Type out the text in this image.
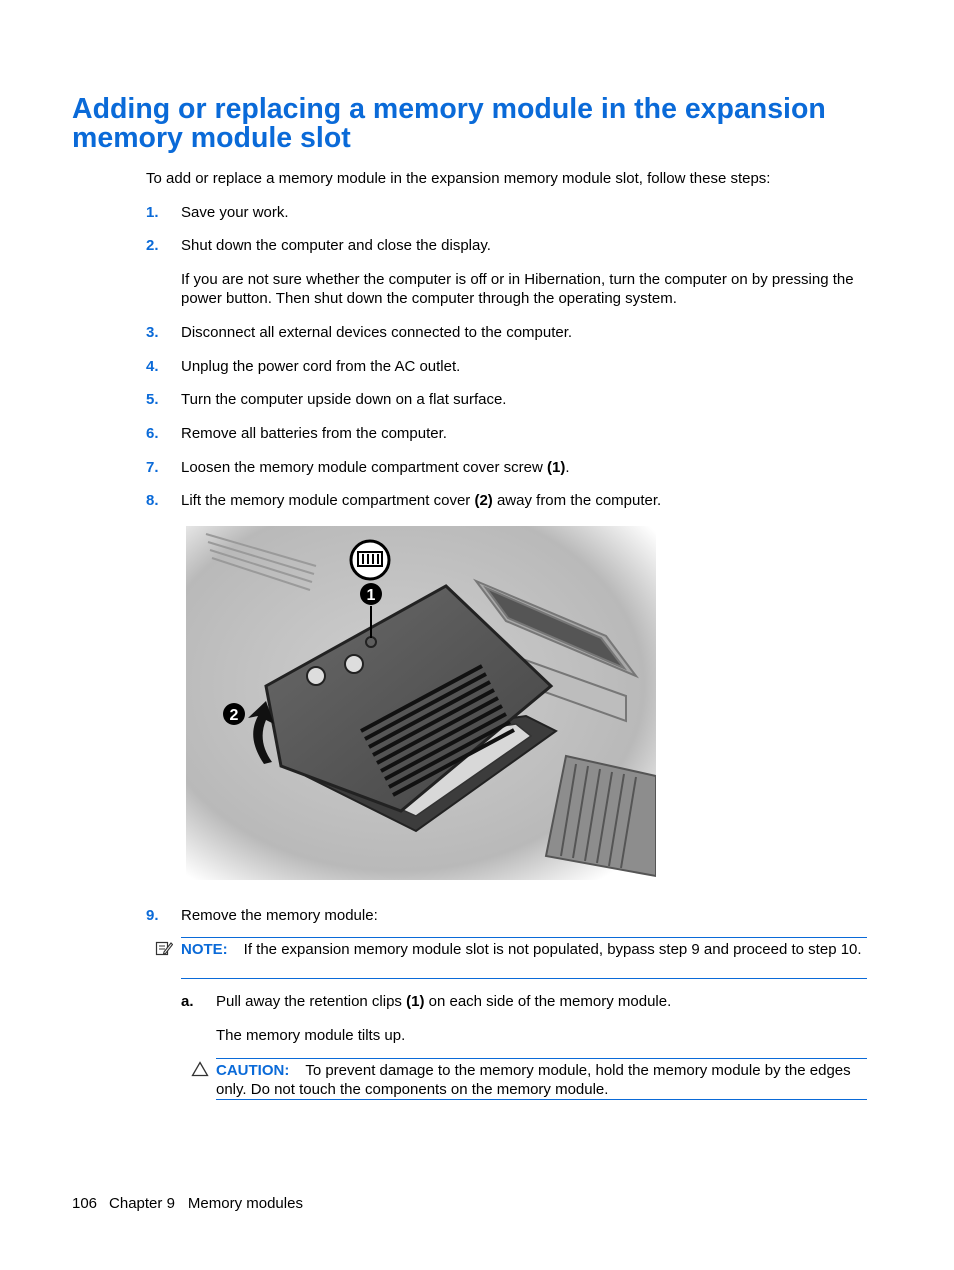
Adding or replacing a memory module in the expansion memory module slot
To add or replace a memory module in the expansion memory module slot, follow these steps:
1. Save your work.
2. Shut down the computer and close the display.
If you are not sure whether the computer is off or in Hibernation, turn the computer on by pressing the power button. Then shut down the computer through the operating system.
3. Disconnect all external devices connected to the computer.
4. Unplug the power cord from the AC outlet.
5. Turn the computer upside down on a flat surface.
6. Remove all batteries from the computer.
7. Loosen the memory module compartment cover screw (1).
8. Lift the memory module compartment cover (2) away from the computer.
1
2
9. Remove the memory module:
NOTE: If the expansion memory module slot is not populated, bypass step 9 and proceed to step 10.
a. Pull away the retention clips (1) on each side of the memory module.
The memory module tilts up.
CAUTION: To prevent damage to the memory module, hold the memory module by the edges only. Do not touch the components on the memory module.
106 Chapter 9 Memory modules
